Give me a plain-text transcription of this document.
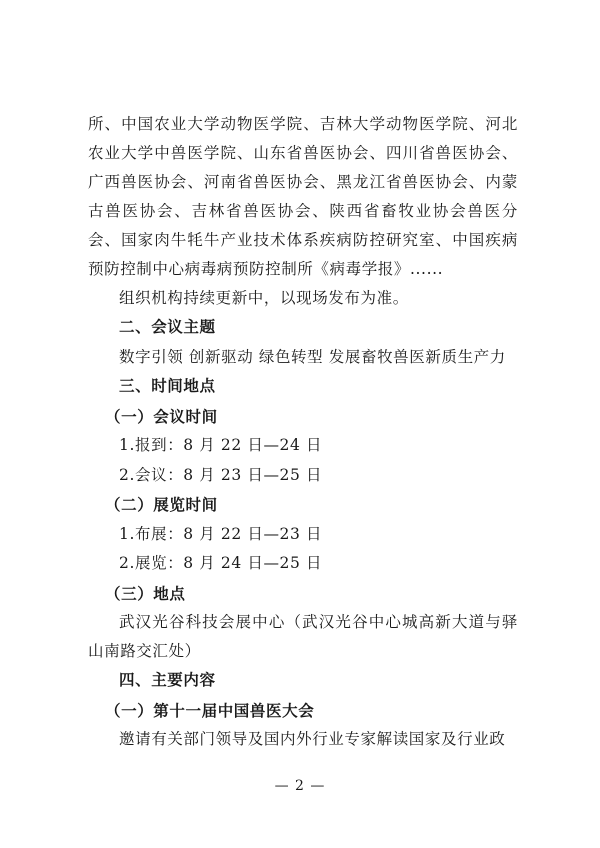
所、中国农业大学动物医学院、吉林大学动物医学院、河北农业大学中兽医学院、山东省兽医协会、四川省兽医协会、广西兽医协会、河南省兽医协会、黑龙江省兽医协会、内蒙古兽医协会、吉林省兽医协会、陕西省畜牧业协会兽医分会、国家肉牛牦牛产业技术体系疾病防控研究室、中国疾病预防控制中心病毒病预防控制所《病毒学报》......

组织机构持续更新中，以现场发布为准。

二、会议主题

数字引领 创新驱动 绿色转型 发展畜牧兽医新质生产力

三、时间地点

（一）会议时间

1.报到：8 月 22 日—24 日

2.会议：8 月 23 日—25 日

（二）展览时间

1.布展：8 月 22 日—23 日

2.展览：8 月 24 日—25 日

（三）地点

武汉光谷科技会展中心（武汉光谷中心城高新大道与驿山南路交汇处）

四、主要内容

（一）第十一届中国兽医大会

邀请有关部门领导及国内外行业专家解读国家及行业政

— 2 —
